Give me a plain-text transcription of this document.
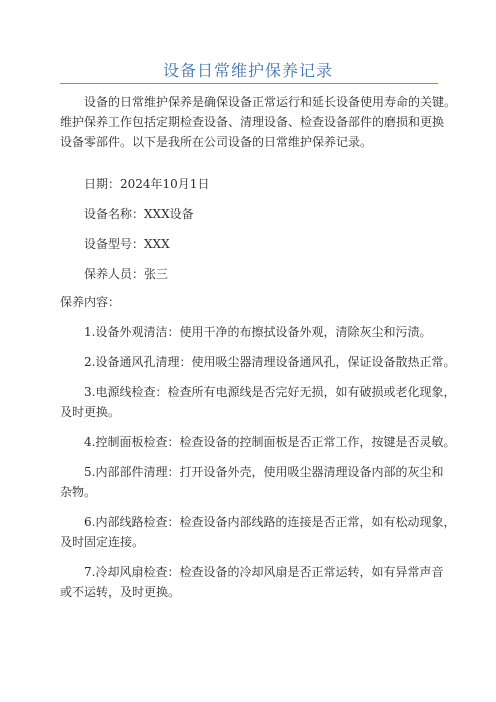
设备日常维护保养记录

设备的日常维护保养是确保设备正常运行和延长设备使用寿命的关键。

维护保养工作包括定期检查设备、清理设备、检查设备部件的磨损和更换

设备零部件。以下是我所在公司设备的日常维护保养记录。

日期：2024年10月1日

设备名称：XXX设备

设备型号：XXX

保养人员：张三

保养内容：

1.设备外观清洁：使用干净的布擦拭设备外观，清除灰尘和污渍。

2.设备通风孔清理：使用吸尘器清理设备通风孔，保证设备散热正常。

3.电源线检查：检查所有电源线是否完好无损，如有破损或老化现象，

及时更换。

4.控制面板检查：检查设备的控制面板是否正常工作，按键是否灵敏。

5.内部部件清理：打开设备外壳，使用吸尘器清理设备内部的灰尘和

杂物。

6.内部线路检查：检查设备内部线路的连接是否正常，如有松动现象，

及时固定连接。

7.冷却风扇检查：检查设备的冷却风扇是否正常运转，如有异常声音

或不运转，及时更换。
